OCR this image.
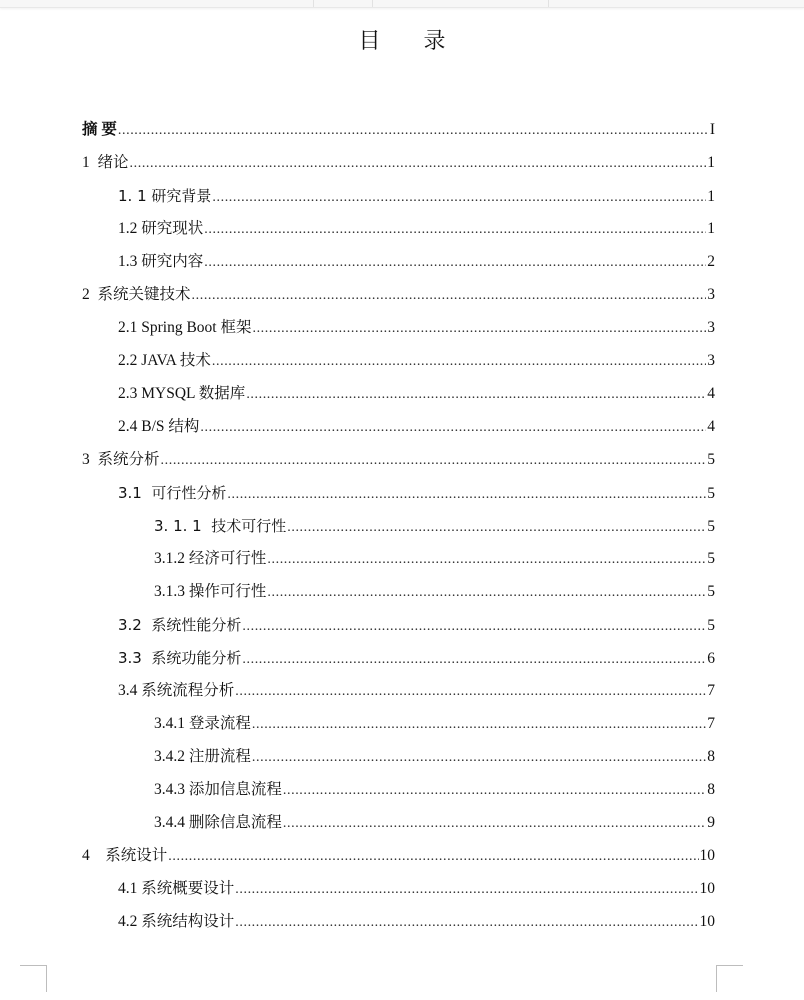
目 录
摘 要 .....	I
1  绪论 .....	1
1. 1 研究背景 .....	1
1.2 研究现状 .....	1
1.3 研究内容 .....	2
2  系统关键技术 .....	3
2.1 Spring Boot 框架 .....	3
2.2 JAVA 技术 .....	3
2.3 MYSQL 数据库 .....	4
2.4 B/S 结构 .....	4
3  系统分析 .....	5
3.1  可行性分析 .....	5
3. 1. 1  技术可行性 .....	5
3.1.2 经济可行性 .....	5
3.1.3 操作可行性 .....	5
3.2  系统性能分析 .....	5
3.3  系统功能分析 .....	6
3.4 系统流程分析 .....	7
3.4.1 登录流程 .....	7
3.4.2 注册流程 .....	8
3.4.3 添加信息流程 .....	8
3.4.4 删除信息流程 .....	9
4    系统设计 .....	10
4.1 系统概要设计 .....	10
4.2 系统结构设计 .....	10
